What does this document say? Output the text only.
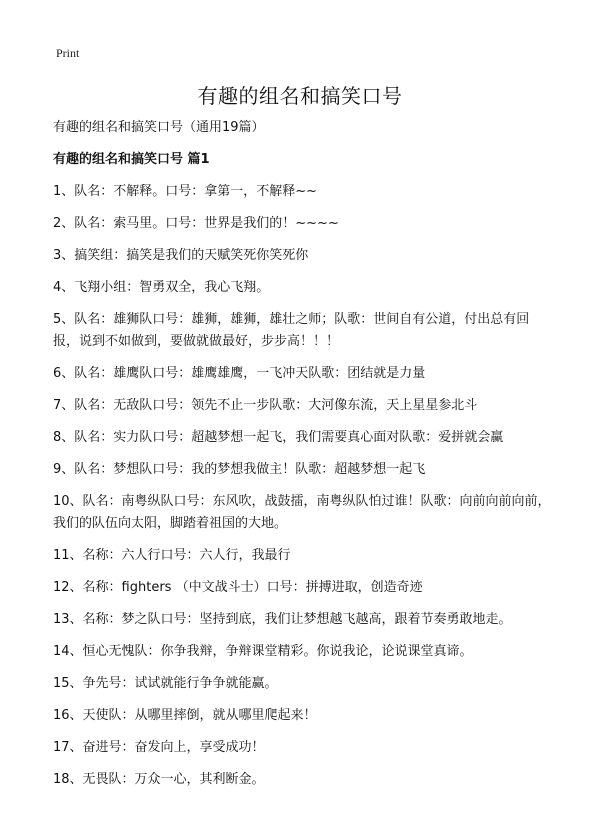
Print
有趣的组名和搞笑口号
有趣的组名和搞笑口号（通用19篇）
有趣的组名和搞笑口号 篇1
1、队名：不解释。口号：拿第一，不解释~~
2、队名：索马里。口号：世界是我们的！~~~~
3、搞笑组：搞笑是我们的天赋笑死你笑死你
4、飞翔小组：智勇双全，我心飞翔。
5、队名：雄狮队口号：雄狮，雄狮，雄壮之师；队歌：世间自有公道，付出总有回报，说到不如做到，要做就做最好，步步高！！！
6、队名：雄鹰队口号：雄鹰雄鹰，一飞冲天队歌：团结就是力量
7、队名：无敌队口号：领先不止一步队歌：大河像东流，天上星星参北斗
8、队名：实力队口号：超越梦想一起飞，我们需要真心面对队歌：爱拼就会赢
9、队名：梦想队口号：我的梦想我做主！队歌：超越梦想一起飞
10、队名：南粤纵队口号：东风吹，战鼓擂，南粤纵队怕过谁！队歌：向前向前向前，我们的队伍向太阳，脚踏着祖国的大地。
11、名称：六人行口号：六人行，我最行
12、名称：fighters （中文战斗士）口号：拼搏进取，创造奇迹
13、名称：梦之队口号：坚持到底，我们让梦想越飞越高，跟着节奏勇敢地走。
14、恒心无愧队：你争我辩，争辩课堂精彩。你说我论，论说课堂真谛。
15、争先号：试试就能行争争就能赢。
16、天使队：从哪里摔倒，就从哪里爬起来！
17、奋进号：奋发向上，享受成功！
18、无畏队：万众一心，其利断金。
